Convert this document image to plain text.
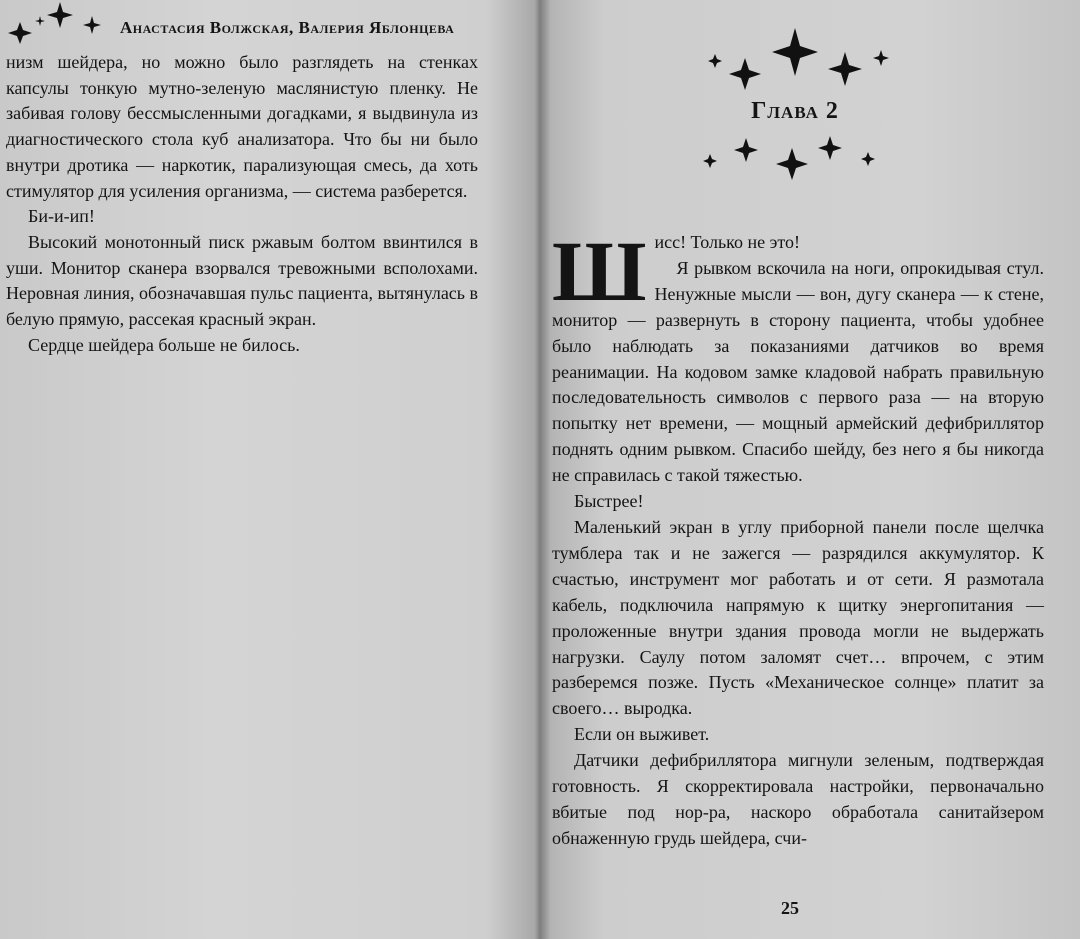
Анастасия Волжская, Валерия Яблонцева

низм шейдера, но можно было разглядеть на стенках капсулы тонкую мутно-зеленую маслянистую пленку. Не забивая голову бессмысленными догадками, я выдвинула из диагностического стола куб анализатора. Что бы ни было внутри дротика — наркотик, парализующая смесь, да хоть стимулятор для усиления организма, — система разберется.

Би-и-ип!

Высокий монотонный писк ржавым болтом ввинтился в уши. Монитор сканера взорвался тревожными всполохами. Неровная линия, обозначавшая пульс пациента, вытянулась в белую прямую, рассекая красный экран.

Сердце шейдера больше не билось.

Глава 2

Шисс! Только не это!

Я рывком вскочила на ноги, опрокидывая стул. Ненужные мысли — вон, дугу сканера — к стене, монитор — развернуть в сторону пациента, чтобы удобнее было наблюдать за показаниями датчиков во время реанимации. На кодовом замке кладовой набрать правильную последовательность символов с первого раза — на вторую попытку нет времени, — мощный армейский дефибриллятор поднять одним рывком. Спасибо шейду, без него я бы никогда не справилась с такой тяжестью.

Быстрее!

Маленький экран в углу приборной панели после щелчка тумблера так и не зажегся — разрядился аккумулятор. К счастью, инструмент мог работать и от сети. Я размотала кабель, подключила напрямую к щитку энергопитания — проложенные внутри здания провода могли не выдержать нагрузки. Саулу потом заломят счет… впрочем, с этим разберемся позже. Пусть «Механическое солнце» платит за своего… выродка.

Если он выживет.

Датчики дефибриллятора мигнули зеленым, подтверждая готовность. Я скорректировала настройки, первоначально вбитые под нор-ра, наскоро обработала санитайзером обнаженную грудь шейдера, счи-

25
